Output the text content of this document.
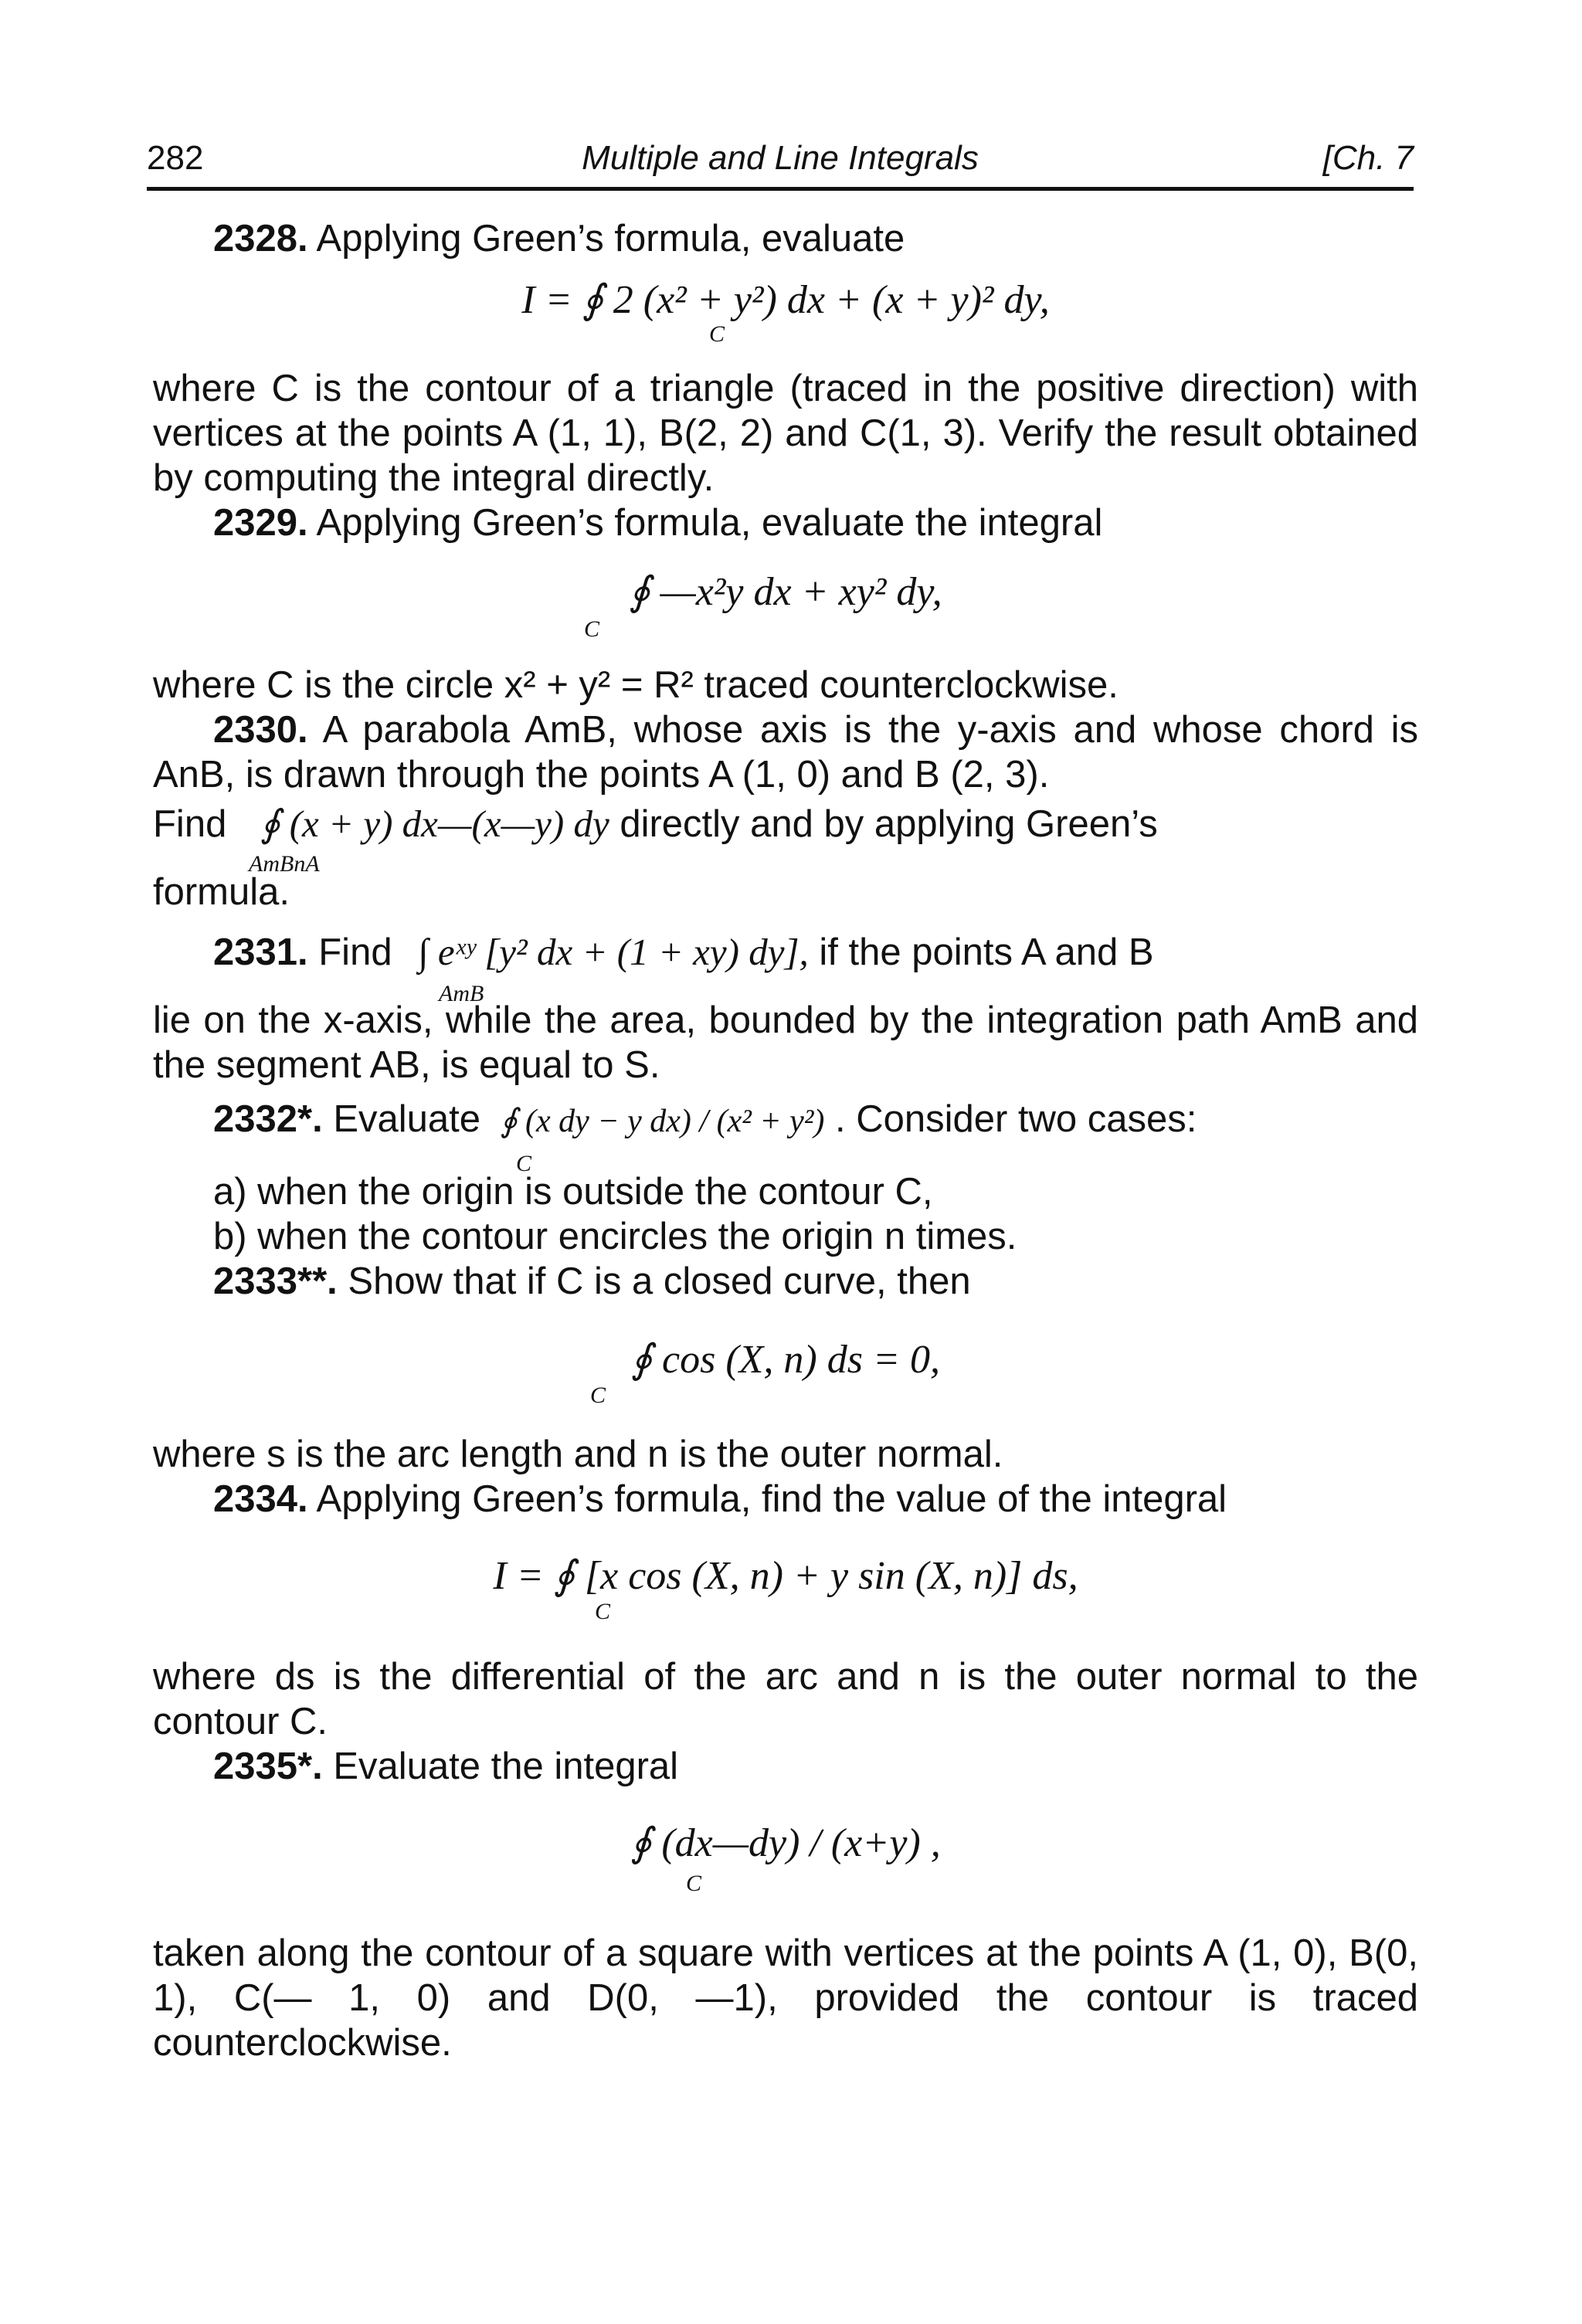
282	Multiple and Line Integrals	[Ch. 7

2328. Applying Green’s formula, evaluate

I = ∮ 2 (x² + y²) dx + (x + y)² dy,
C

where C is the contour of a triangle (traced in the positive direction) with vertices at the points A (1, 1), B(2, 2) and C(1, 3). Verify the result obtained by computing the integral directly.

2329. Applying Green’s formula, evaluate the integral

∮ —x²y dx + xy² dy,
C

where C is the circle x² + y² = R² traced counterclockwise.

2330. A parabola AmB, whose axis is the y-axis and whose chord is AnB, is drawn through the points A (1, 0) and B (2, 3).

Find ∮ (x + y) dx—(x—y) dy directly and by applying Green’s
AmBnA

formula.

2331. Find ∫ eˣʸ [y² dx + (1 + xy) dy], if the points A and B
AmB

lie on the x-axis, while the area, bounded by the integration path AmB and the segment AB, is equal to S.

2332*. Evaluate ∮ (x dy − y dx) / (x² + y²) . Consider two cases:
C

a) when the origin is outside the contour C,

b) when the contour encircles the origin n times.

2333**. Show that if C is a closed curve, then

∮ cos (X, n) ds = 0,
C

where s is the arc length and n is the outer normal.

2334. Applying Green’s formula, find the value of the integral

I = ∮ [x cos (X, n) + y sin (X, n)] ds,
C

where ds is the differential of the arc and n is the outer normal to the contour C.

2335*. Evaluate the integral

∮ (dx—dy) / (x+y) ,
C

taken along the contour of a square with vertices at the points A (1, 0), B(0, 1), C(— 1, 0) and D(0, —1), provided the contour is traced counterclockwise.
